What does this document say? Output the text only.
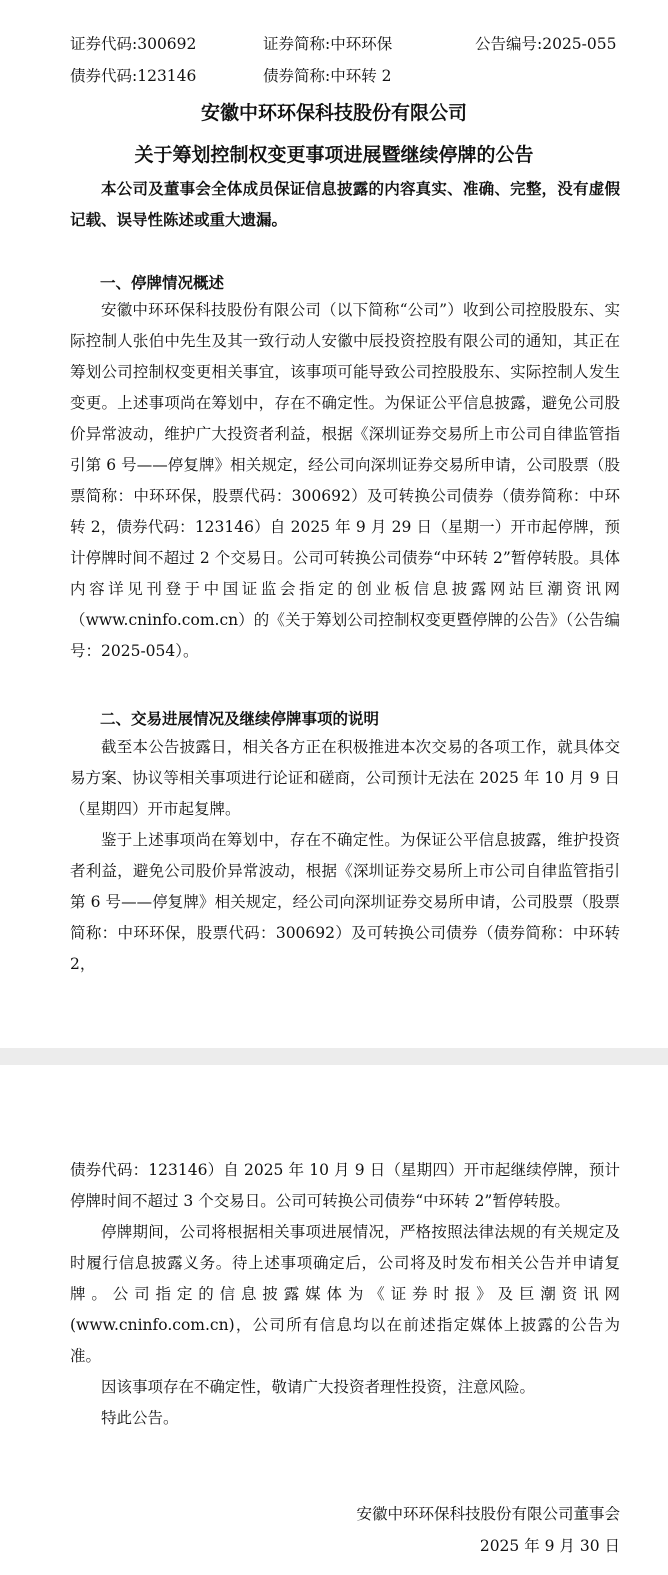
证券代码:300692	证券简称:中环环保	公告编号:2025-055
债券代码:123146	债券简称:中环转 2
安徽中环环保科技股份有限公司
关于筹划控制权变更事项进展暨继续停牌的公告

本公司及董事会全体成员保证信息披露的内容真实、准确、完整，没有虚假记载、误导性陈述或重大遗漏。

一、停牌情况概述

安徽中环环保科技股份有限公司（以下简称“公司”）收到公司控股股东、实际控制人张伯中先生及其一致行动人安徽中辰投资控股有限公司的通知，其正在筹划公司控制权变更相关事宜，该事项可能导致公司控股股东、实际控制人发生变更。上述事项尚在筹划中，存在不确定性。为保证公平信息披露，避免公司股价异常波动，维护广大投资者利益，根据《深圳证券交易所上市公司自律监管指引第 6 号——停复牌》相关规定，经公司向深圳证券交易所申请，公司股票（股票简称：中环环保，股票代码：300692）及可转换公司债券（债券简称：中环转 2，债券代码：123146）自 2025 年 9 月 29 日（星期一）开市起停牌，预计停牌时间不超过 2 个交易日。公司可转换公司债券“中环转 2”暂停转股。具体内容详见刊登于中国证监会指定的创业板信息披露网站巨潮资讯网（www.cninfo.com.cn）的《关于筹划公司控制权变更暨停牌的公告》（公告编号：2025-054）。

二、交易进展情况及继续停牌事项的说明

截至本公告披露日，相关各方正在积极推进本次交易的各项工作，就具体交易方案、协议等相关事项进行论证和磋商，公司预计无法在 2025 年 10 月 9 日（星期四）开市起复牌。

鉴于上述事项尚在筹划中，存在不确定性。为保证公平信息披露，维护投资者利益，避免公司股价异常波动，根据《深圳证券交易所上市公司自律监管指引第 6 号——停复牌》相关规定，经公司向深圳证券交易所申请，公司股票（股票简称：中环环保，股票代码：300692）及可转换公司债券（债券简称：中环转 2，

债券代码：123146）自 2025 年 10 月 9 日（星期四）开市起继续停牌，预计停牌时间不超过 3 个交易日。公司可转换公司债券“中环转 2”暂停转股。

停牌期间，公司将根据相关事项进展情况，严格按照法律法规的有关规定及时履行信息披露义务。待上述事项确定后，公司将及时发布相关公告并申请复牌。公司指定的信息披露媒体为《证券时报》及巨潮资讯网(www.cninfo.com.cn)，公司所有信息均以在前述指定媒体上披露的公告为准。

因该事项存在不确定性，敬请广大投资者理性投资，注意风险。

特此公告。

安徽中环环保科技股份有限公司董事会
2025 年 9 月 30 日
